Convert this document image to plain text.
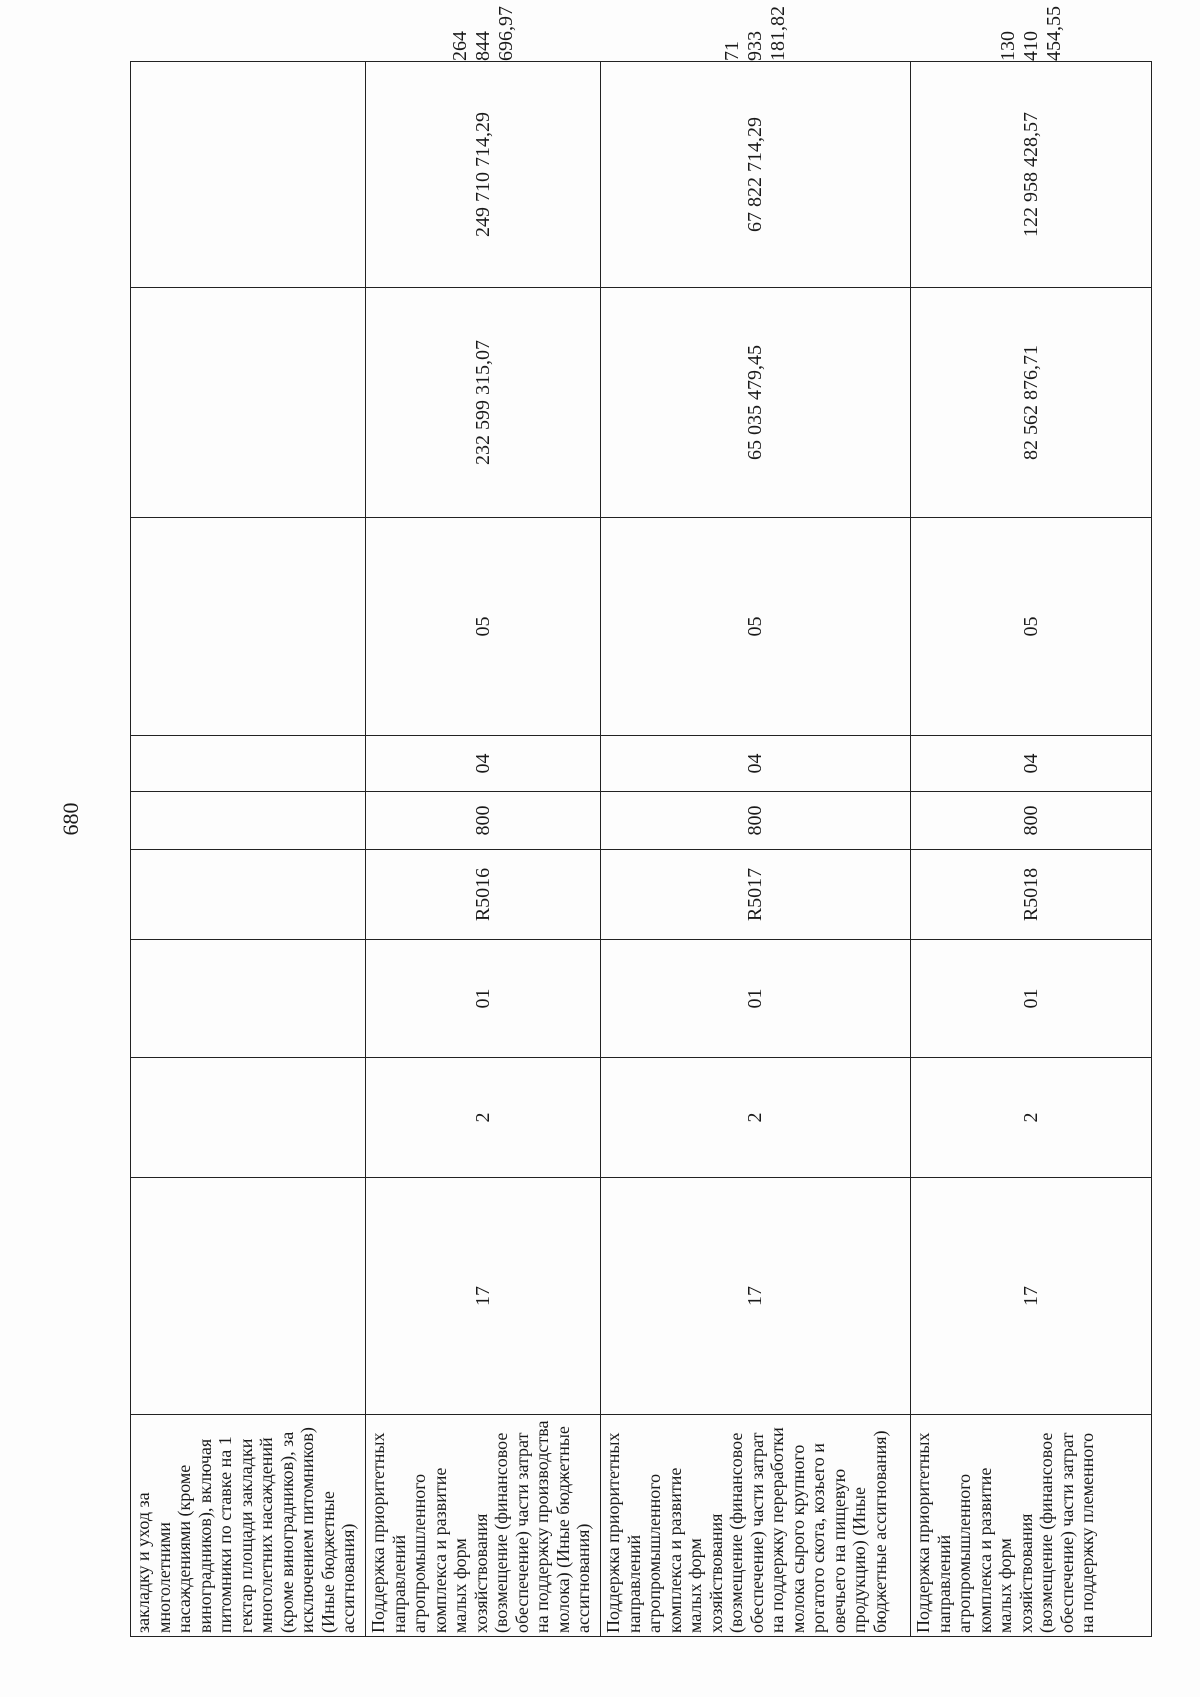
680
закладку и уход за многолетними насаждениями (кроме виноградников), включая питомники по ставке на 1 гектар площади закладки многолетних насаждений (кроме виноградников), за исключением питомников) (Иные бюджетные ассигнования)										
Поддержка приоритетных направлений агропромышленного комплекса и развитие малых форм хозяйствования (возмещение (финансовое обеспечение) части затрат на поддержку производства молока) (Иные бюджетные ассигнования)	17	2	01	R5016	800	04	05	232 599 315,07	249 710 714,29	264 844 696,97
Поддержка приоритетных направлений агропромышленного комплекса и развитие малых форм хозяйствования (возмещение (финансовое обеспечение) части затрат на поддержку переработки молока сырого крупного рогатого скота, козьего и овечьего на пищевую продукцию) (Иные бюджетные ассигнования)	17	2	01	R5017	800	04	05	65 035 479,45	67 822 714,29	71 933 181,82
Поддержка приоритетных направлений агропромышленного комплекса и развитие малых форм хозяйствования (возмещение (финансовое обеспечение) части затрат на поддержку племенного	17	2	01	R5018	800	04	05	82 562 876,71	122 958 428,57	130 410 454,55
